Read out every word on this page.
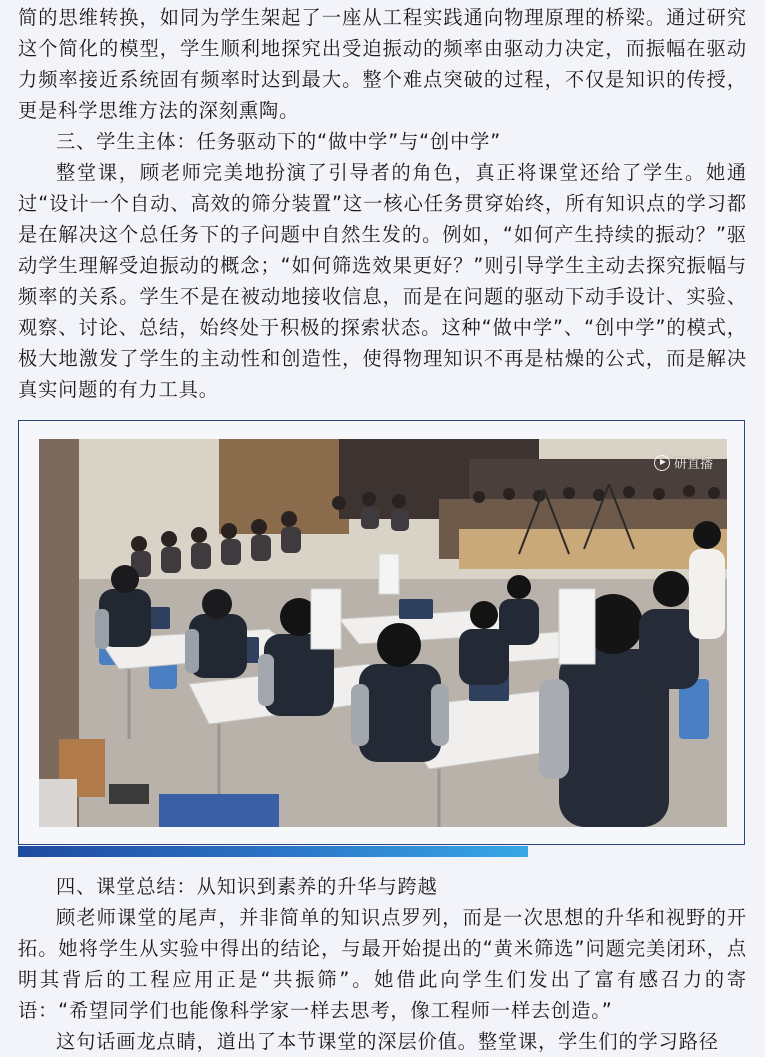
简的思维转换，如同为学生架起了一座从工程实践通向物理原理的桥梁。通过研究这个简化的模型，学生顺利地探究出受迫振动的频率由驱动力决定，而振幅在驱动力频率接近系统固有频率时达到最大。整个难点突破的过程，不仅是知识的传授，更是科学思维方法的深刻熏陶。

三、学生主体：任务驱动下的“做中学”与“创中学”

整堂课，顾老师完美地扮演了引导者的角色，真正将课堂还给了学生。她通过“设计一个自动、高效的筛分装置”这一核心任务贯穿始终，所有知识点的学习都是在解决这个总任务下的子问题中自然生发的。例如，“如何产生持续的振动？”驱动学生理解受迫振动的概念；“如何筛选效果更好？”则引导学生主动去探究振幅与频率的关系。学生不是在被动地接收信息，而是在问题的驱动下动手设计、实验、观察、讨论、总结，始终处于积极的探索状态。这种“做中学”、“创中学”的模式，极大地激发了学生的主动性和创造性，使得物理知识不再是枯燥的公式，而是解决真实问题的有力工具。

研直播

四、课堂总结：从知识到素养的升华与跨越

顾老师课堂的尾声，并非简单的知识点罗列，而是一次思想的升华和视野的开拓。她将学生从实验中得出的结论，与最开始提出的“黄米筛选”问题完美闭环，点明其背后的工程应用正是“共振筛”。她借此向学生们发出了富有感召力的寄语：“希望同学们也能像科学家一样去思考，像工程师一样去创造。”

这句话画龙点睛，道出了本节课堂的深层价值。整堂课，学生们的学习路径
